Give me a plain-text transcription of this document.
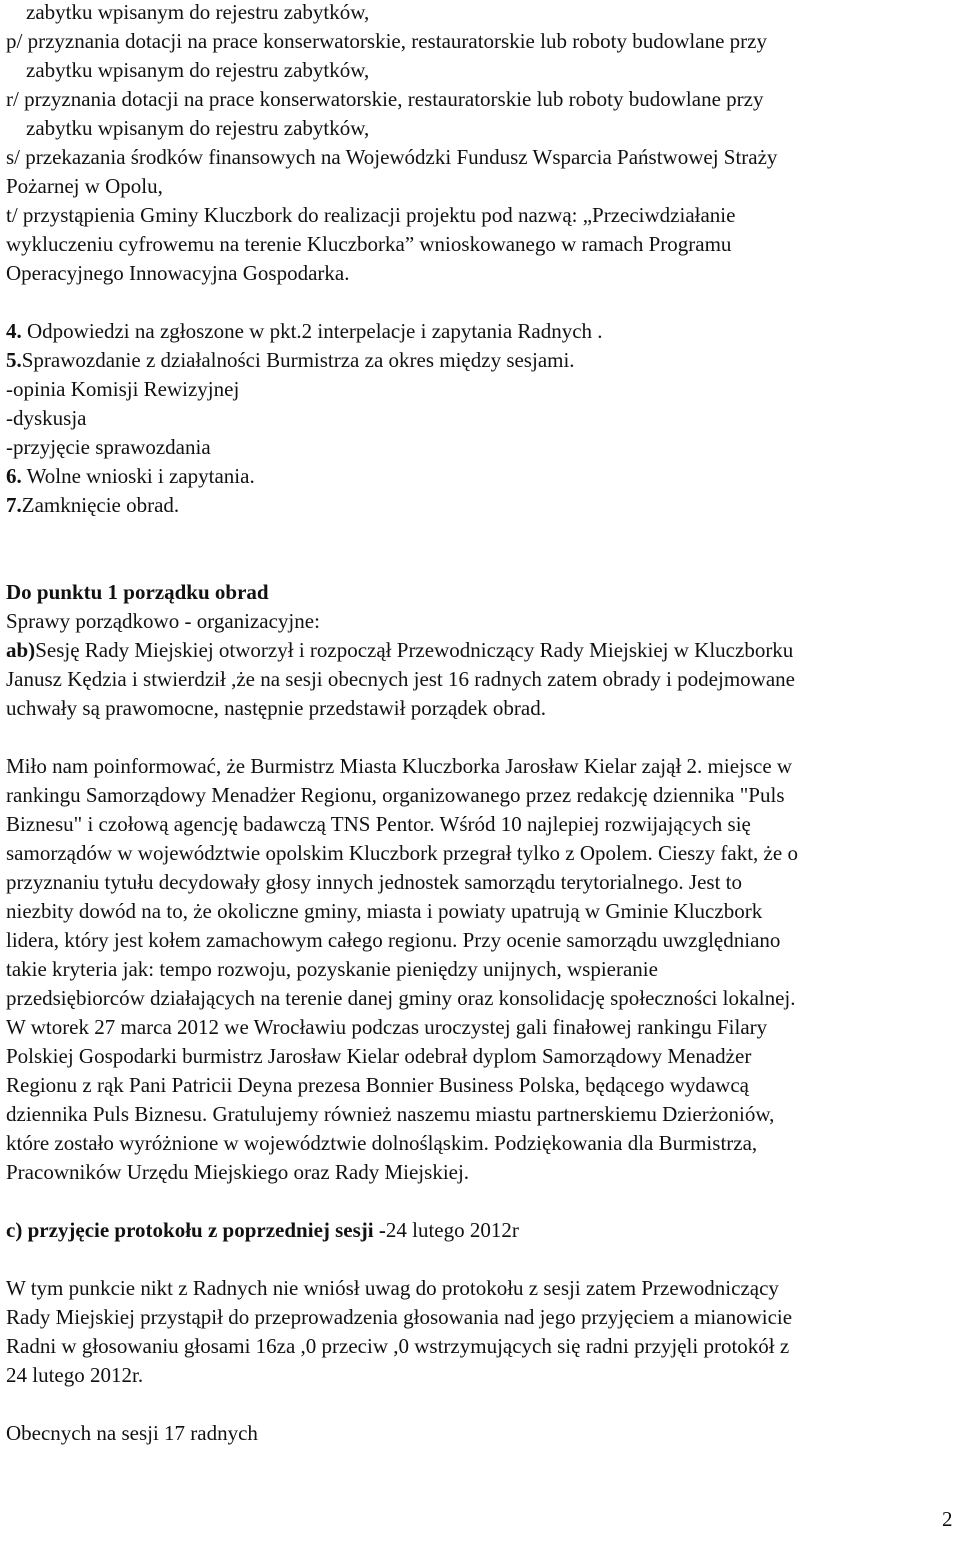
zabytku wpisanym do rejestru zabytków,
p/ przyznania dotacji na prace konserwatorskie, restauratorskie lub roboty budowlane przy
zabytku wpisanym do rejestru zabytków,
r/ przyznania dotacji na prace konserwatorskie, restauratorskie lub roboty budowlane przy
zabytku wpisanym do rejestru zabytków,
s/ przekazania środków finansowych na Wojewódzki Fundusz Wsparcia Państwowej Straży
Pożarnej w Opolu,
t/ przystąpienia Gminy Kluczbork do realizacji projektu pod nazwą: „Przeciwdziałanie
wykluczeniu cyfrowemu na terenie Kluczborka” wnioskowanego w ramach Programu
Operacyjnego Innowacyjna Gospodarka.
4. Odpowiedzi na zgłoszone w pkt.2 interpelacje i zapytania Radnych .
5.Sprawozdanie z działalności Burmistrza za okres między sesjami.
-opinia Komisji Rewizyjnej
-dyskusja
-przyjęcie sprawozdania
6. Wolne wnioski i zapytania.
7.Zamknięcie obrad.
Do punktu 1 porządku obrad
Sprawy porządkowo - organizacyjne:
ab)Sesję Rady Miejskiej otworzył i rozpoczął Przewodniczący Rady Miejskiej w Kluczborku
Janusz Kędzia i stwierdził ,że na sesji obecnych jest 16 radnych zatem obrady i podejmowane
uchwały są prawomocne, następnie przedstawił porządek obrad.
Miło nam poinformować, że Burmistrz Miasta Kluczborka Jarosław Kielar zajął 2. miejsce w
rankingu Samorządowy Menadżer Regionu, organizowanego przez redakcję dziennika "Puls
Biznesu" i czołową agencję badawczą TNS Pentor. Wśród 10 najlepiej rozwijających się
samorządów w województwie opolskim Kluczbork przegrał tylko z Opolem. Cieszy fakt, że o
przyznaniu tytułu decydowały głosy innych jednostek samorządu terytorialnego. Jest to
niezbity dowód na to, że okoliczne gminy, miasta i powiaty upatrują w Gminie Kluczbork
lidera, który jest kołem zamachowym całego regionu. Przy ocenie samorządu uwzględniano
takie kryteria jak: tempo rozwoju, pozyskanie pieniędzy unijnych, wspieranie
przedsiębiorców działających na terenie danej gminy oraz konsolidację społeczności lokalnej.
W wtorek 27 marca 2012 we Wrocławiu podczas uroczystej gali finałowej rankingu Filary
Polskiej Gospodarki burmistrz Jarosław Kielar odebrał dyplom Samorządowy Menadżer
Regionu z rąk Pani Patricii Deyna prezesa Bonnier Business Polska, będącego wydawcą
dziennika Puls Biznesu. Gratulujemy również naszemu miastu partnerskiemu Dzierżoniów,
które zostało wyróżnione w województwie dolnośląskim. Podziękowania dla Burmistrza,
Pracowników Urzędu Miejskiego oraz Rady Miejskiej.
c) przyjęcie protokołu z poprzedniej sesji -24 lutego 2012r
W tym punkcie nikt z Radnych nie wniósł uwag do protokołu z sesji zatem Przewodniczący
Rady Miejskiej przystąpił do przeprowadzenia głosowania nad jego przyjęciem a mianowicie
Radni w głosowaniu głosami 16za ,0 przeciw ,0 wstrzymujących się radni przyjęli protokół z
24 lutego 2012r.
Obecnych na sesji 17 radnych
2
